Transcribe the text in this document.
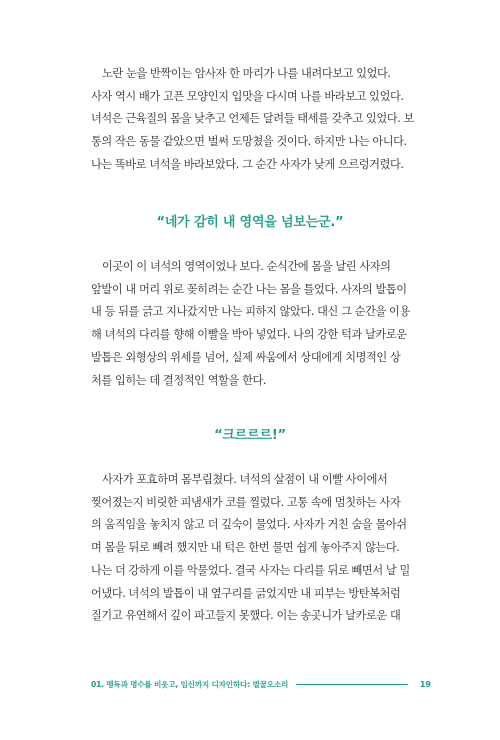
노란 눈을 반짝이는 암사자 한 마리가 나를 내려다보고 있었다.
사자 역시 배가 고픈 모양인지 입맛을 다시며 나를 바라보고 있었다.
녀석은 근육질의 몸을 낮추고 언제든 달려들 태세를 갖추고 있었다. 보
통의 작은 동물 같았으면 벌써 도망쳤을 것이다. 하지만 나는 아니다.
나는 똑바로 녀석을 바라보았다. 그 순간 사자가 낮게 으르렁거렸다.
“네가 감히 내 영역을 넘보는군.”
이곳이 이 녀석의 영역이었나 보다. 순식간에 몸을 날린 사자의
앞발이 내 머리 위로 꽂히려는 순간 나는 몸을 틀었다. 사자의 발톱이
내 등 뒤를 긁고 지나갔지만 나는 피하지 않았다. 대신 그 순간을 이용
해 녀석의 다리를 향해 이빨을 박아 넣었다. 나의 강한 턱과 날카로운
발톱은 외형상의 위세를 넘어, 실제 싸움에서 상대에게 치명적인 상
처를 입히는 데 결정적인 역할을 한다.
“크르르르!”
사자가 포효하며 몸부림쳤다. 녀석의 살점이 내 이빨 사이에서
찢어졌는지 비릿한 피냄새가 코를 찔렀다. 고통 속에 멈칫하는 사자
의 움직임을 놓치지 않고 더 깊숙이 물었다. 사자가 거친 숨을 몰아쉬
며 몸을 뒤로 빼려 했지만 내 턱은 한번 물면 쉽게 놓아주지 않는다.
나는 더 강하게 이를 악물었다. 결국 사자는 다리를 뒤로 빼면서 날 밀
어냈다. 녀석의 발톱이 내 옆구리를 긁었지만 내 피부는 방탄복처럼
질기고 유연해서 깊이 파고들지 못했다. 이는 송곳니가 날카로운 대
01. 맹독과 명수를 비웃고, 임신까지 디자인하다: 벌꿀오소리	19
